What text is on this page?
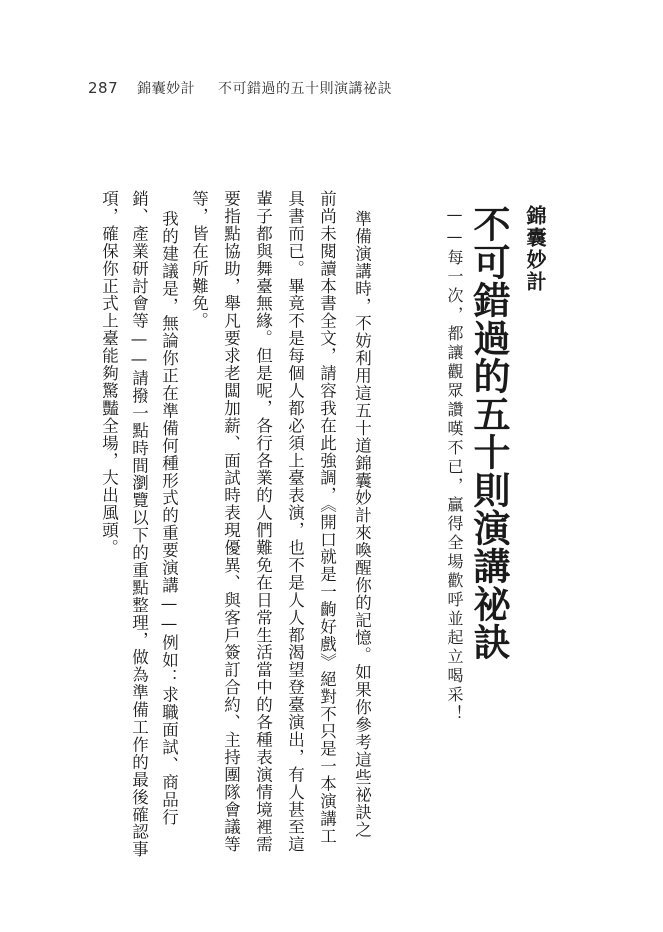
287 錦囊妙計 不可錯過的五十則演講祕訣

錦囊妙計

不可錯過的五十則演講祕訣

——每一次，都讓觀眾讚嘆不已，贏得全場歡呼並起立喝采！

準備演講時，不妨利用這五十道錦囊妙計來喚醒你的記憶。如果你參考這些祕訣之

前尚未閱讀本書全文，請容我在此強調，《開口就是一齣好戲》絕對不只是一本演講工

具書而已。畢竟不是每個人都必須上臺表演，也不是人人都渴望登臺演出，有人甚至這

輩子都與舞臺無緣。但是呢，各行各業的人們難免在日常生活當中的各種表演情境裡需

要指點協助，舉凡要求老闆加薪、面試時表現優異、與客戶簽訂合約、主持團隊會議等

等，皆在所難免。

我的建議是，無論你正在準備何種形式的重要演講——例如：求職面試、商品行

銷、產業研討會等——請撥一點時間瀏覽以下的重點整理，做為準備工作的最後確認事

項，確保你正式上臺能夠驚豔全場，大出風頭。
